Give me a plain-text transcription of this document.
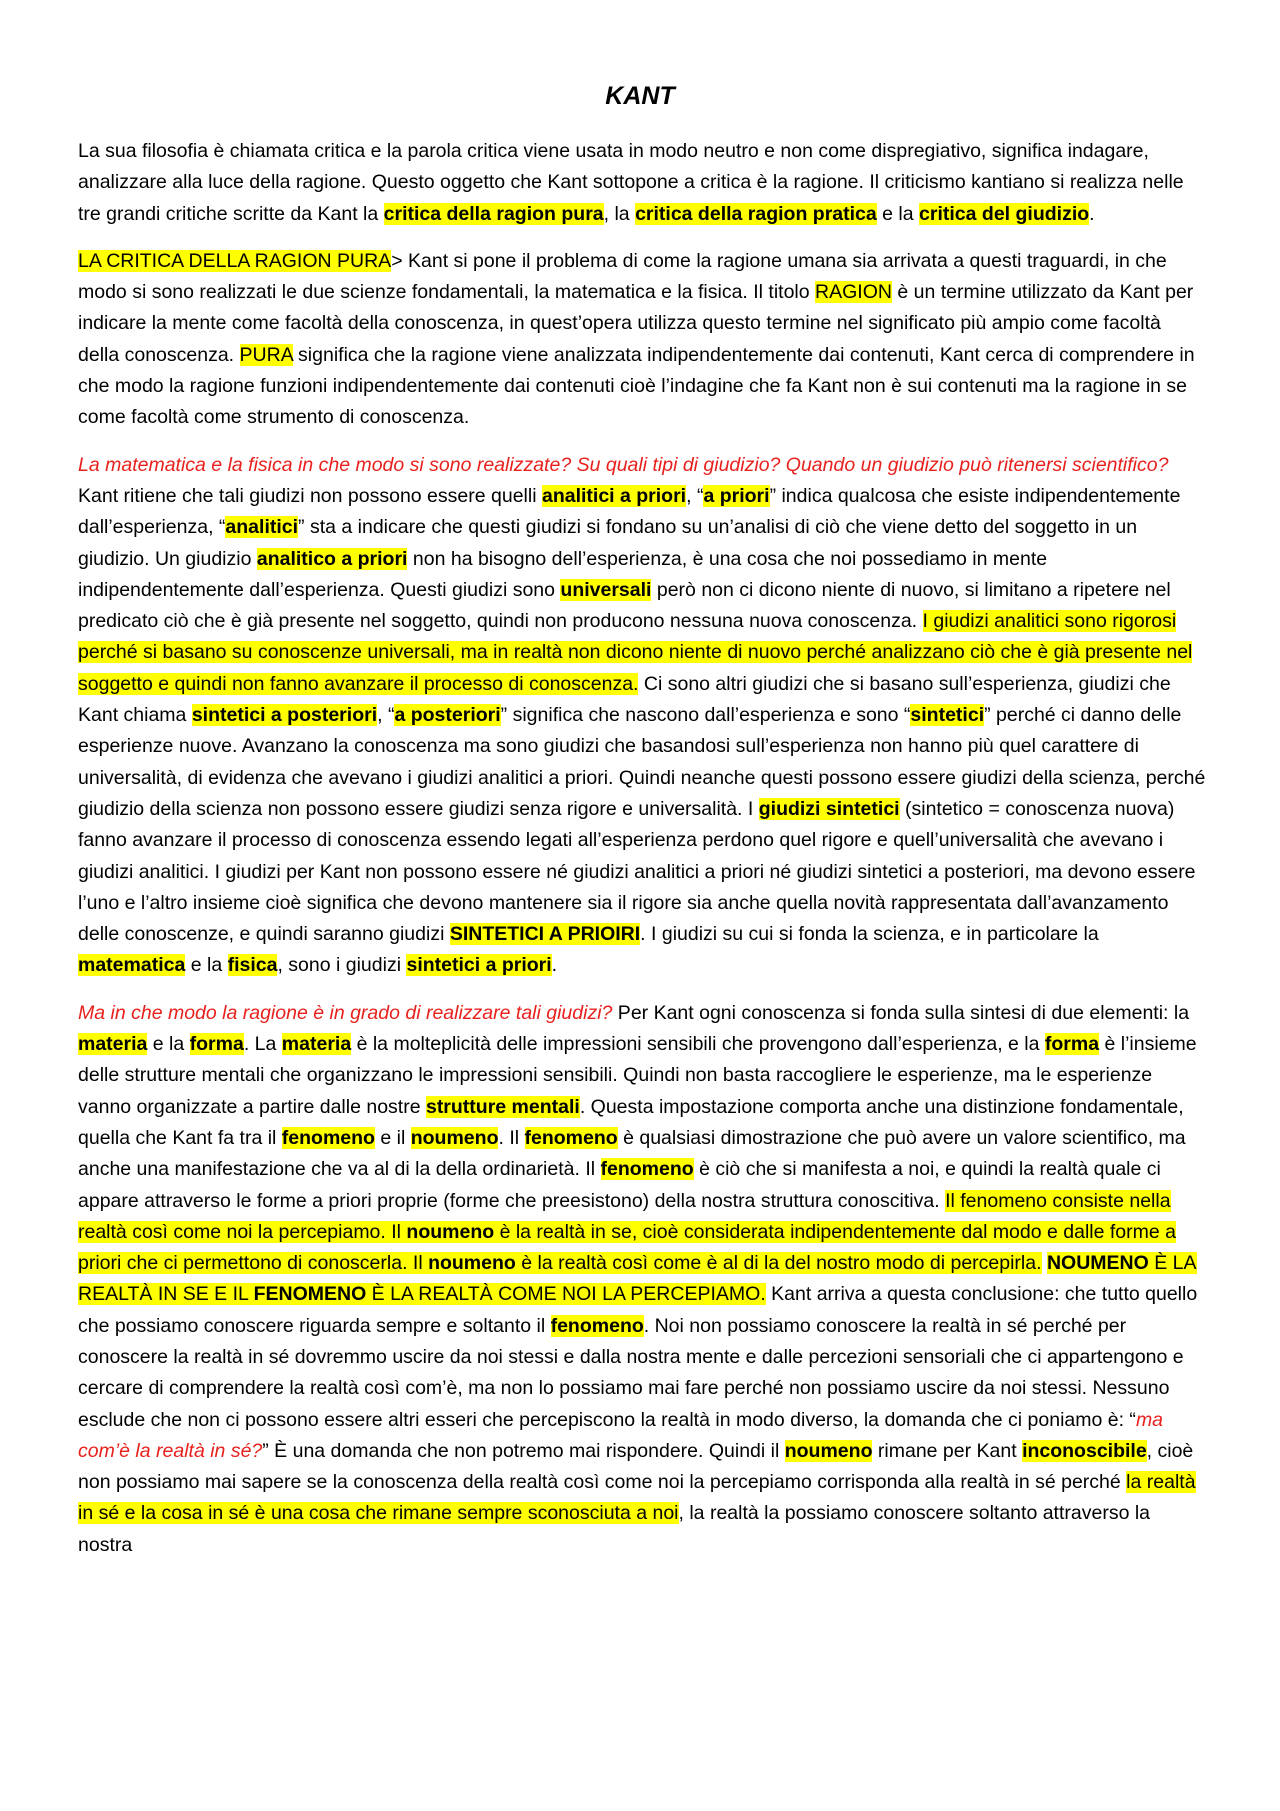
KANT

La sua filosofia è chiamata critica e la parola critica viene usata in modo neutro e non come dispregiativo, significa indagare, analizzare alla luce della ragione. Questo oggetto che Kant sottopone a critica è la ragione. Il criticismo kantiano si realizza nelle tre grandi critiche scritte da Kant la critica della ragion pura, la critica della ragion pratica e la critica del giudizio.

LA CRITICA DELLA RAGION PURA> Kant si pone il problema di come la ragione umana sia arrivata a questi traguardi, in che modo si sono realizzati le due scienze fondamentali, la matematica e la fisica. Il titolo RAGION è un termine utilizzato da Kant per indicare la mente come facoltà della conoscenza, in quest’opera utilizza questo termine nel significato più ampio come facoltà della conoscenza. PURA significa che la ragione viene analizzata indipendentemente dai contenuti, Kant cerca di comprendere in che modo la ragione funzioni indipendentemente dai contenuti cioè l’indagine che fa Kant non è sui contenuti ma la ragione in se come facoltà come strumento di conoscenza.

La matematica e la fisica in che modo si sono realizzate? Su quali tipi di giudizio? Quando un giudizio può ritenersi scientifico? Kant ritiene che tali giudizi non possono essere quelli analitici a priori, “a priori” indica qualcosa che esiste indipendentemente dall’esperienza, “analitici” sta a indicare che questi giudizi si fondano su un’analisi di ciò che viene detto del soggetto in un giudizio. Un giudizio analitico a priori non ha bisogno dell’esperienza, è una cosa che noi possediamo in mente indipendentemente dall’esperienza. Questi giudizi sono universali però non ci dicono niente di nuovo, si limitano a ripetere nel predicato ciò che è già presente nel soggetto, quindi non producono nessuna nuova conoscenza. I giudizi analitici sono rigorosi perché si basano su conoscenze universali, ma in realtà non dicono niente di nuovo perché analizzano ciò che è già presente nel soggetto e quindi non fanno avanzare il processo di conoscenza. Ci sono altri giudizi che si basano sull’esperienza, giudizi che Kant chiama sintetici a posteriori, “a posteriori” significa che nascono dall’esperienza e sono “sintetici” perché ci danno delle esperienze nuove. Avanzano la conoscenza ma sono giudizi che basandosi sull’esperienza non hanno più quel carattere di universalità, di evidenza che avevano i giudizi analitici a priori. Quindi neanche questi possono essere giudizi della scienza, perché giudizio della scienza non possono essere giudizi senza rigore e universalità. I giudizi sintetici (sintetico = conoscenza nuova) fanno avanzare il processo di conoscenza essendo legati all’esperienza perdono quel rigore e quell’universalità che avevano i giudizi analitici. I giudizi per Kant non possono essere né giudizi analitici a priori né giudizi sintetici a posteriori, ma devono essere l’uno e l’altro insieme cioè significa che devono mantenere sia il rigore sia anche quella novità rappresentata dall’avanzamento delle conoscenze, e quindi saranno giudizi SINTETICI A PRIOIRI. I giudizi su cui si fonda la scienza, e in particolare la matematica e la fisica, sono i giudizi sintetici a priori.

Ma in che modo la ragione è in grado di realizzare tali giudizi? Per Kant ogni conoscenza si fonda sulla sintesi di due elementi: la materia e la forma. La materia è la molteplicità delle impressioni sensibili che provengono dall’esperienza, e la forma è l’insieme delle strutture mentali che organizzano le impressioni sensibili. Quindi non basta raccogliere le esperienze, ma le esperienze vanno organizzate a partire dalle nostre strutture mentali. Questa impostazione comporta anche una distinzione fondamentale, quella che Kant fa tra il fenomeno e il noumeno. Il fenomeno è qualsiasi dimostrazione che può avere un valore scientifico, ma anche una manifestazione che va al di la della ordinarietà. Il fenomeno è ciò che si manifesta a noi, e quindi la realtà quale ci appare attraverso le forme a priori proprie (forme che preesistono) della nostra struttura conoscitiva. Il fenomeno consiste nella realtà così come noi la percepiamo. Il noumeno è la realtà in se, cioè considerata indipendentemente dal modo e dalle forme a priori che ci permettono di conoscerla. Il noumeno è la realtà così come è al di la del nostro modo di percepirla. NOUMENO È LA REALTÀ IN SE E IL FENOMENO È LA REALTÀ COME NOI LA PERCEPIAMO. Kant arriva a questa conclusione: che tutto quello che possiamo conoscere riguarda sempre e soltanto il fenomeno. Noi non possiamo conoscere la realtà in sé perché per conoscere la realtà in sé dovremmo uscire da noi stessi e dalla nostra mente e dalle percezioni sensoriali che ci appartengono e cercare di comprendere la realtà così com’è, ma non lo possiamo mai fare perché non possiamo uscire da noi stessi. Nessuno esclude che non ci possono essere altri esseri che percepiscono la realtà in modo diverso, la domanda che ci poniamo è: “ma com’è la realtà in sé?” È una domanda che non potremo mai rispondere. Quindi il noumeno rimane per Kant inconoscibile, cioè non possiamo mai sapere se la conoscenza della realtà così come noi la percepiamo corrisponda alla realtà in sé perché la realtà in sé e la cosa in sé è una cosa che rimane sempre sconosciuta a noi, la realtà la possiamo conoscere soltanto attraverso la nostra
